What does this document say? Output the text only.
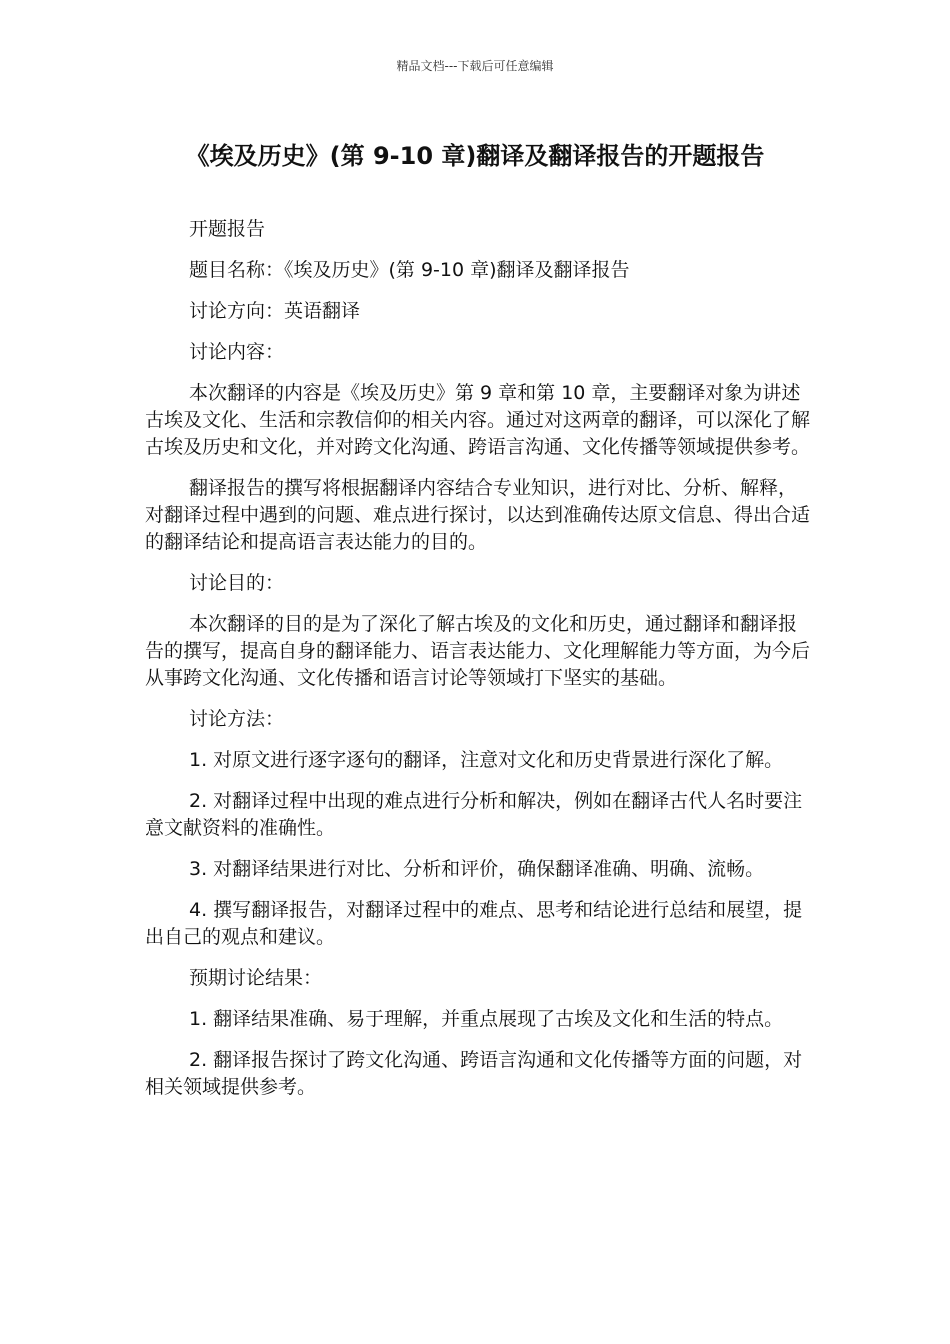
精品文档---下载后可任意编辑
《埃及历史》(第 9-10 章)翻译及翻译报告的开题报告

开题报告

题目名称：《埃及历史》(第 9-10 章)翻译及翻译报告

讨论方向：英语翻译

讨论内容：

本次翻译的内容是《埃及历史》第 9 章和第 10 章，主要翻译对象为讲述古埃及文化、生活和宗教信仰的相关内容。通过对这两章的翻译，可以深化了解古埃及历史和文化，并对跨文化沟通、跨语言沟通、文化传播等领域提供参考。

翻译报告的撰写将根据翻译内容结合专业知识，进行对比、分析、解释，对翻译过程中遇到的问题、难点进行探讨，以达到准确传达原文信息、得出合适的翻译结论和提高语言表达能力的目的。

讨论目的：

本次翻译的目的是为了深化了解古埃及的文化和历史，通过翻译和翻译报告的撰写，提高自身的翻译能力、语言表达能力、文化理解能力等方面，为今后从事跨文化沟通、文化传播和语言讨论等领域打下坚实的基础。

讨论方法：

1. 对原文进行逐字逐句的翻译，注意对文化和历史背景进行深化了解。

2. 对翻译过程中出现的难点进行分析和解决，例如在翻译古代人名时要注意文献资料的准确性。

3. 对翻译结果进行对比、分析和评价，确保翻译准确、明确、流畅。

4. 撰写翻译报告，对翻译过程中的难点、思考和结论进行总结和展望，提出自己的观点和建议。

预期讨论结果：

1. 翻译结果准确、易于理解，并重点展现了古埃及文化和生活的特点。

2. 翻译报告探讨了跨文化沟通、跨语言沟通和文化传播等方面的问题，对相关领域提供参考。
